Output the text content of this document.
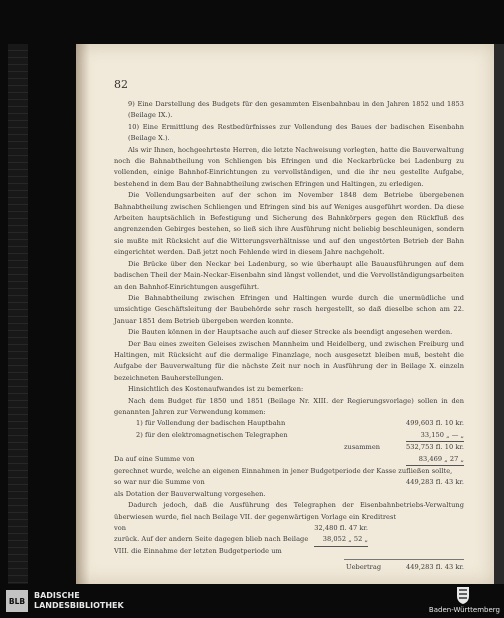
82

9) Eine Darstellung des Budgets für den gesammten Eisenbahnbau in den Jahren 1852 und 1853 (Beilage IX.).

10) Eine Ermittlung des Restbedürfnisses zur Vollendung des Baues der badischen Eisenbahn (Beilage X.).

Als wir Ihnen, hochgeehrteste Herren, die letzte Nachweisung vorlegten, hatte die Bauverwaltung noch die Bahnabtheilung von Schliengen bis Efringen und die Neckarbrücke bei Ladenburg zu vollenden, einige Bahnhof-Einrichtungen zu vervollständigen, und die ihr neu gestellte Aufgabe, bestehend in dem Bau der Bahnabtheilung zwischen Efringen und Haltingen, zu erledigen.

Die Vollendungsarbeiten auf der schon im November 1848 dem Betriebe übergebenen Bahnabtheilung zwischen Schliengen und Efringen sind bis auf Weniges ausgeführt worden. Da diese Arbeiten hauptsächlich in Befestigung und Sicherung des Bahnkörpers gegen den Rückfluß des angrenzenden Gebirges bestehen, so ließ sich ihre Ausführung nicht beliebig beschleunigen, sondern sie mußte mit Rücksicht auf die Witterungsverhältnisse und auf den ungestörten Betrieb der Bahn eingerichtet werden. Daß jetzt noch Fehlende wird in diesem Jahre nachgeholt.

Die Brücke über den Neckar bei Ladenburg, so wie überhaupt alle Bauausführungen auf dem badischen Theil der Main-Neckar-Eisenbahn sind längst vollendet, und die Vervollständigungsarbeiten an den Bahnhof-Einrichtungen ausgeführt.

Die Bahnabtheilung zwischen Efringen und Haltingen wurde durch die unermüdliche und umsichtige Geschäftsleitung der Baubehörde sehr rasch hergestellt, so daß dieselbe schon am 22. Januar 1851 dem Betrieb übergeben werden konnte.

Die Bauten können in der Hauptsache auch auf dieser Strecke als beendigt angesehen werden.

Der Bau eines zweiten Geleises zwischen Mannheim und Heidelberg, und zwischen Freiburg und Haltingen, mit Rücksicht auf die dermalige Finanzlage, noch ausgesetzt bleiben muß, besteht die Aufgabe der Bauverwaltung für die nächste Zeit nur noch in Ausführung der in Beilage X. einzeln bezeichneten Bauherstellungen.

Hinsichtlich des Kostenaufwandes ist zu bemerken:

Nach dem Budget für 1850 und 1851 (Beilage Nr. XIII. der Regierungsvorlage) sollen in den genannten Jahren zur Verwendung kommen:

1) für Vollendung der badischen Hauptbahn	499,603 fl. 10 kr.
2) für den elektromagnetischen Telegraphen	33,150 „ — „
zusammen	532,753 fl. 10 kr.
Da auf eine Summe von	83,469 „ 27 „

gerechnet wurde, welche an eigenen Einnahmen in jener Budgetperiode der Kasse zufließen sollte,

so war nur die Summe von	449,283 fl. 43 kr.

als Dotation der Bauverwaltung vorgesehen.

Dadurch jedoch, daß die Ausführung des Telegraphen der Eisenbahnbetriebs-Verwaltung überwiesen wurde, fiel nach Beilage VII. der gegenwärtigen Vorlage ein Kreditrest

von	32,480 fl. 47 kr.
zurück. Auf der andern Seite dagegen blieb nach Beilage VIII. die Einnahme der letzten Budgetperiode um
38,052 „ 52 „
Uebertrag	449,283 fl. 43 kr.
BLB
BADISCHE
LANDESBIBLIOTHEK	Baden-Württemberg
